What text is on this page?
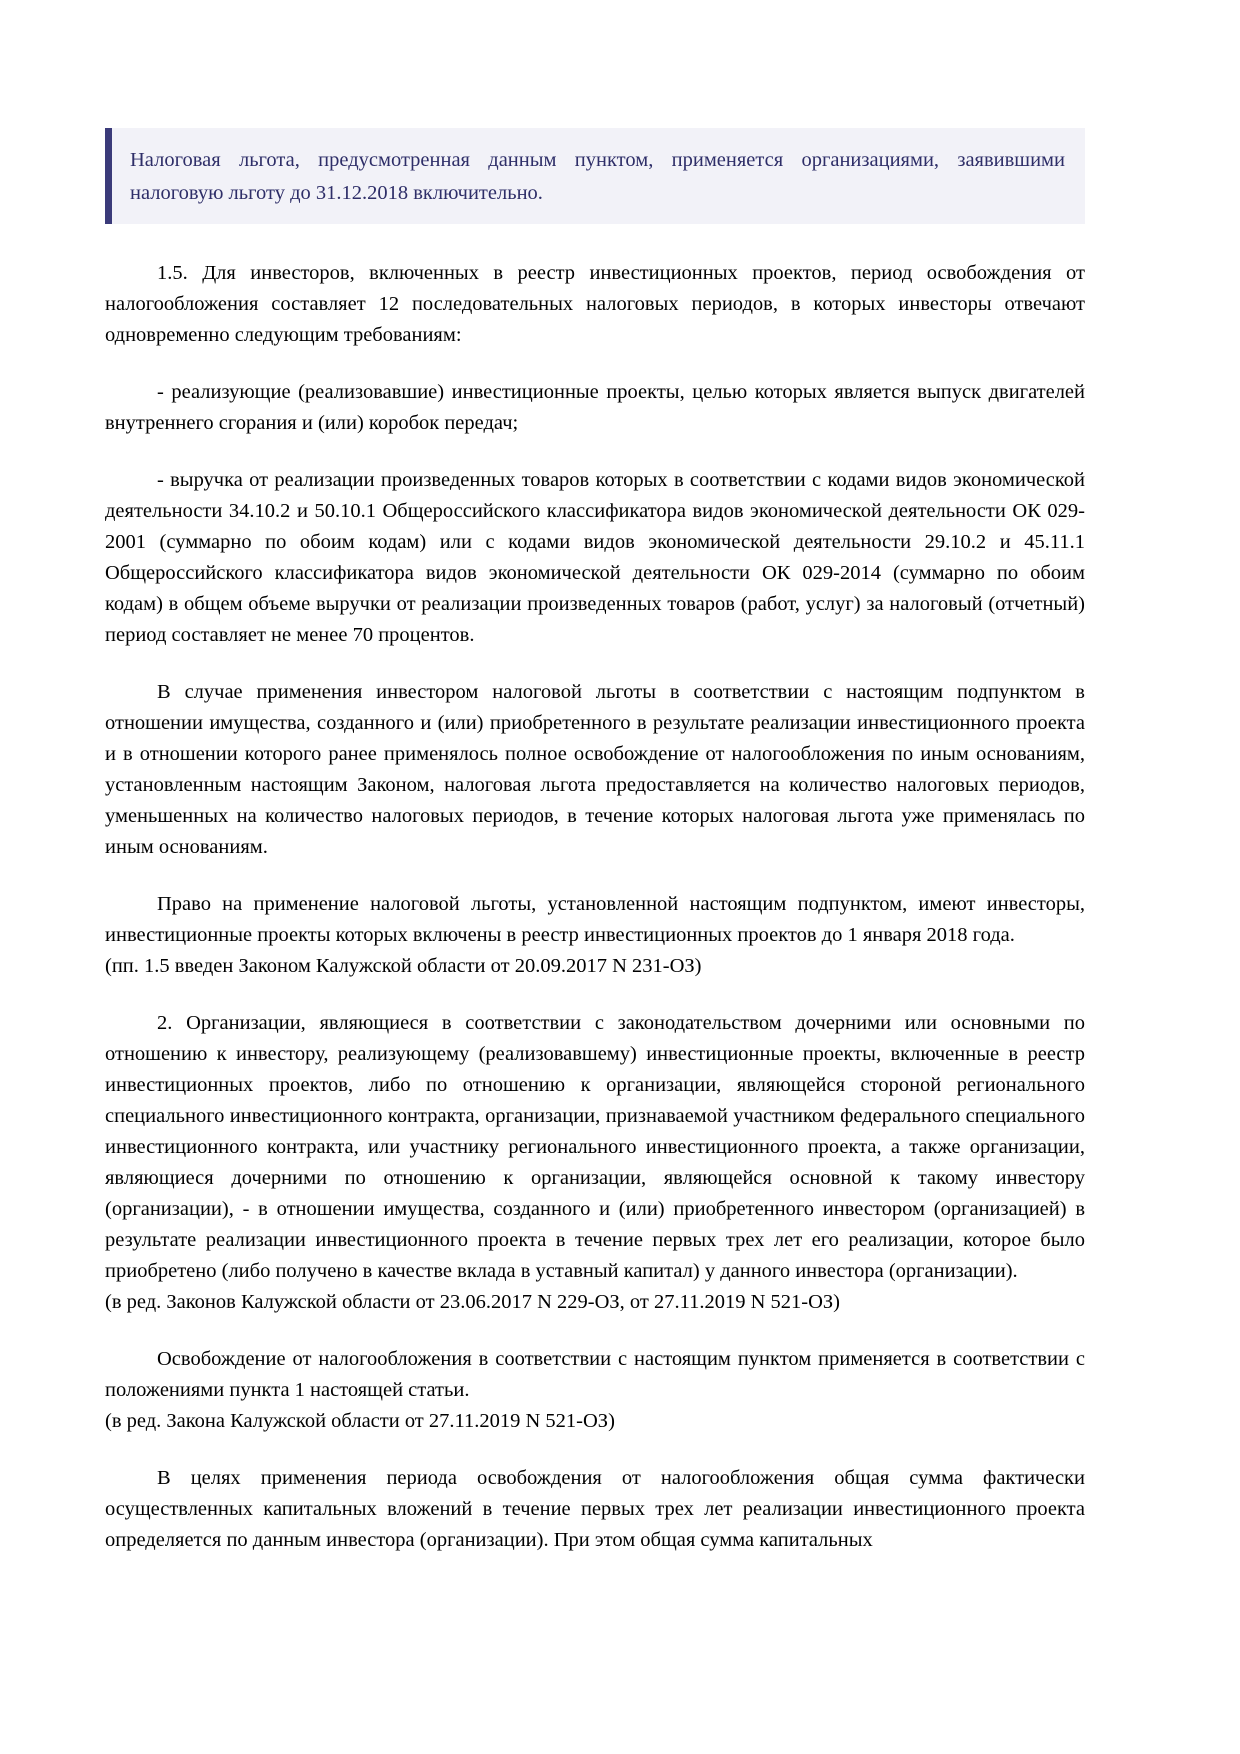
Налоговая льгота, предусмотренная данным пунктом, применяется организациями, заявившими налоговую льготу до 31.12.2018 включительно.

1.5. Для инвесторов, включенных в реестр инвестиционных проектов, период освобождения от налогообложения составляет 12 последовательных налоговых периодов, в которых инвесторы отвечают одновременно следующим требованиям:

- реализующие (реализовавшие) инвестиционные проекты, целью которых является выпуск двигателей внутреннего сгорания и (или) коробок передач;

- выручка от реализации произведенных товаров которых в соответствии с кодами видов экономической деятельности 34.10.2 и 50.10.1 Общероссийского классификатора видов экономической деятельности ОК 029-2001 (суммарно по обоим кодам) или с кодами видов экономической деятельности 29.10.2 и 45.11.1 Общероссийского классификатора видов экономической деятельности ОК 029-2014 (суммарно по обоим кодам) в общем объеме выручки от реализации произведенных товаров (работ, услуг) за налоговый (отчетный) период составляет не менее 70 процентов.

В случае применения инвестором налоговой льготы в соответствии с настоящим подпунктом в отношении имущества, созданного и (или) приобретенного в результате реализации инвестиционного проекта и в отношении которого ранее применялось полное освобождение от налогообложения по иным основаниям, установленным настоящим Законом, налоговая льгота предоставляется на количество налоговых периодов, уменьшенных на количество налоговых периодов, в течение которых налоговая льгота уже применялась по иным основаниям.

Право на применение налоговой льготы, установленной настоящим подпунктом, имеют инвесторы, инвестиционные проекты которых включены в реестр инвестиционных проектов до 1 января 2018 года.

(пп. 1.5 введен Законом Калужской области от 20.09.2017 N 231-ОЗ)

2. Организации, являющиеся в соответствии с законодательством дочерними или основными по отношению к инвестору, реализующему (реализовавшему) инвестиционные проекты, включенные в реестр инвестиционных проектов, либо по отношению к организации, являющейся стороной регионального специального инвестиционного контракта, организации, признаваемой участником федерального специального инвестиционного контракта, или участнику регионального инвестиционного проекта, а также организации, являющиеся дочерними по отношению к организации, являющейся основной к такому инвестору (организации), - в отношении имущества, созданного и (или) приобретенного инвестором (организацией) в результате реализации инвестиционного проекта в течение первых трех лет его реализации, которое было приобретено (либо получено в качестве вклада в уставный капитал) у данного инвестора (организации).

(в ред. Законов Калужской области от 23.06.2017 N 229-ОЗ, от 27.11.2019 N 521-ОЗ)

Освобождение от налогообложения в соответствии с настоящим пунктом применяется в соответствии с положениями пункта 1 настоящей статьи.

(в ред. Закона Калужской области от 27.11.2019 N 521-ОЗ)

В целях применения периода освобождения от налогообложения общая сумма фактически осуществленных капитальных вложений в течение первых трех лет реализации инвестиционного проекта определяется по данным инвестора (организации). При этом общая сумма капитальных
